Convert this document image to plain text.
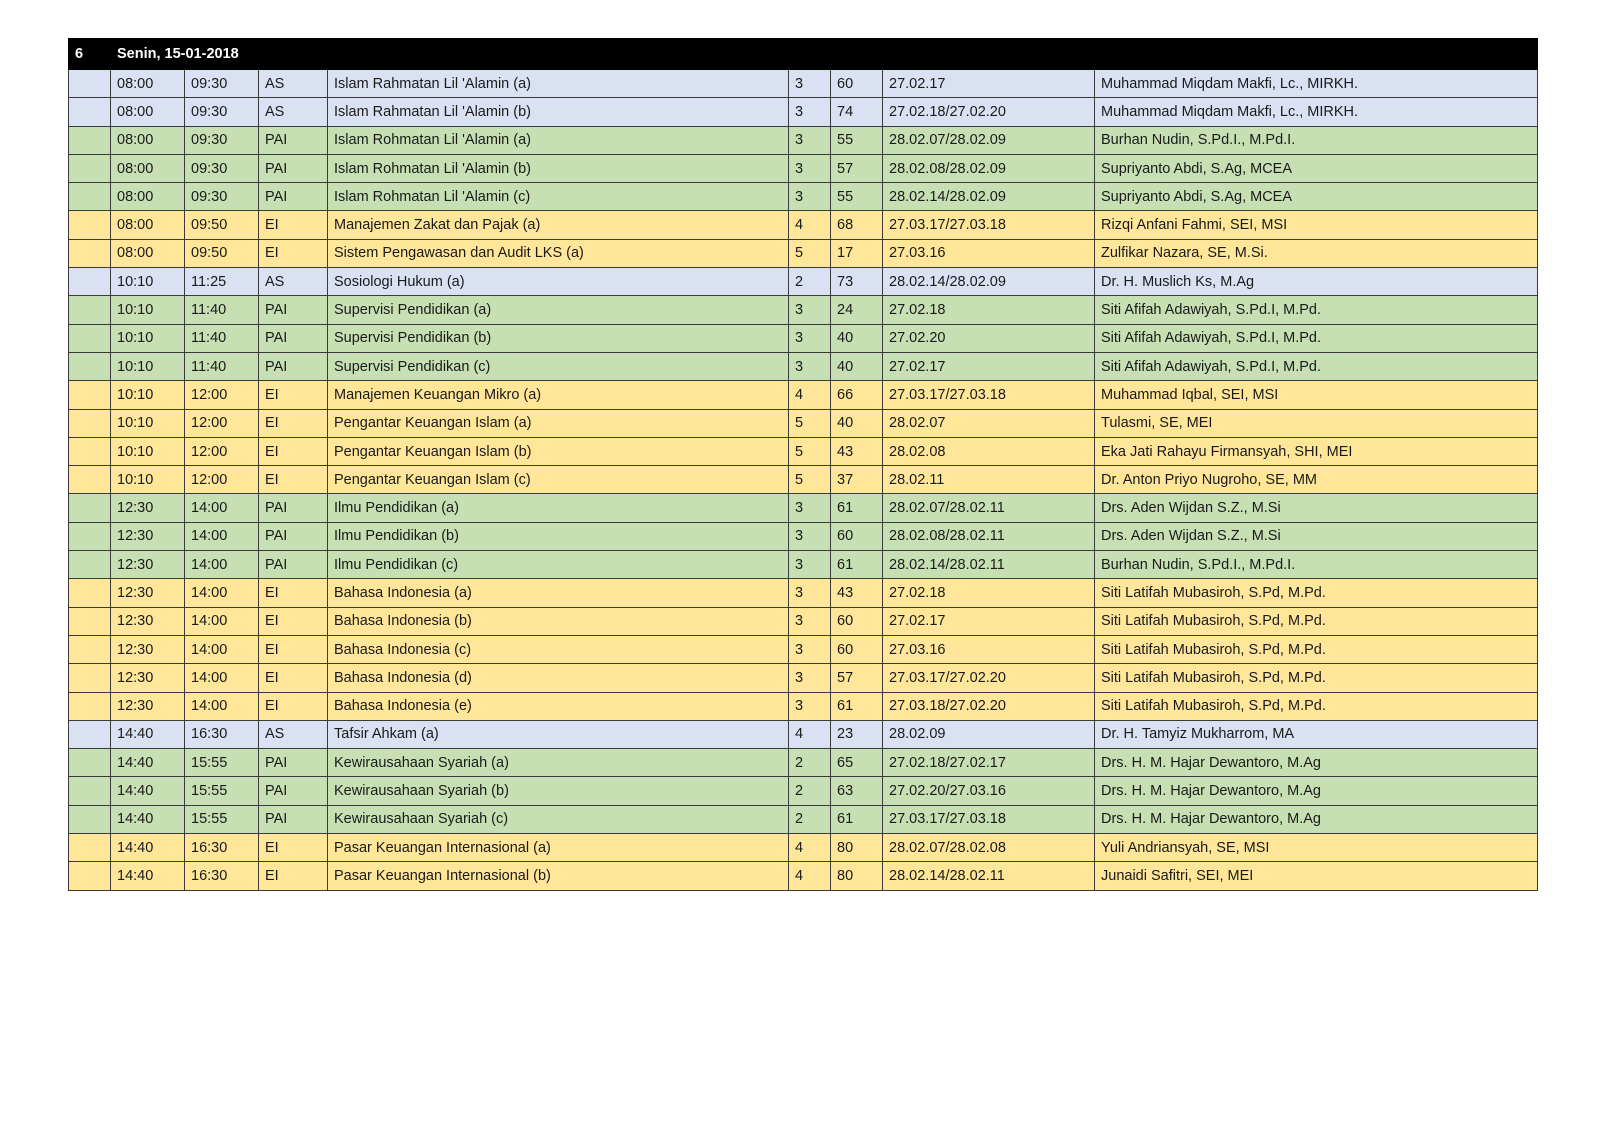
6	Senin, 15-01-2018							
	08:00	09:30	AS	Islam Rahmatan Lil 'Alamin (a)	3	60	27.02.17	Muhammad Miqdam Makfi, Lc., MIRKH.
	08:00	09:30	AS	Islam Rahmatan Lil 'Alamin (b)	3	74	27.02.18/27.02.20	Muhammad Miqdam Makfi, Lc., MIRKH.
	08:00	09:30	PAI	Islam Rohmatan Lil 'Alamin (a)	3	55	28.02.07/28.02.09	Burhan Nudin, S.Pd.I., M.Pd.I.
	08:00	09:30	PAI	Islam Rohmatan Lil 'Alamin (b)	3	57	28.02.08/28.02.09	Supriyanto Abdi, S.Ag, MCEA
	08:00	09:30	PAI	Islam Rohmatan Lil 'Alamin (c)	3	55	28.02.14/28.02.09	Supriyanto Abdi, S.Ag, MCEA
	08:00	09:50	EI	Manajemen Zakat dan Pajak (a)	4	68	27.03.17/27.03.18	Rizqi Anfani Fahmi, SEI, MSI
	08:00	09:50	EI	Sistem Pengawasan dan Audit LKS (a)	5	17	27.03.16	Zulfikar Nazara, SE, M.Si.
	10:10	11:25	AS	Sosiologi Hukum (a)	2	73	28.02.14/28.02.09	Dr. H. Muslich Ks, M.Ag
	10:10	11:40	PAI	Supervisi Pendidikan (a)	3	24	27.02.18	Siti Afifah Adawiyah, S.Pd.I, M.Pd.
	10:10	11:40	PAI	Supervisi Pendidikan (b)	3	40	27.02.20	Siti Afifah Adawiyah, S.Pd.I, M.Pd.
	10:10	11:40	PAI	Supervisi Pendidikan (c)	3	40	27.02.17	Siti Afifah Adawiyah, S.Pd.I, M.Pd.
	10:10	12:00	EI	Manajemen Keuangan Mikro (a)	4	66	27.03.17/27.03.18	Muhammad Iqbal, SEI, MSI
	10:10	12:00	EI	Pengantar Keuangan Islam (a)	5	40	28.02.07	Tulasmi, SE, MEI
	10:10	12:00	EI	Pengantar Keuangan Islam (b)	5	43	28.02.08	Eka Jati Rahayu Firmansyah, SHI, MEI
	10:10	12:00	EI	Pengantar Keuangan Islam (c)	5	37	28.02.11	Dr. Anton Priyo Nugroho, SE, MM
	12:30	14:00	PAI	Ilmu Pendidikan (a)	3	61	28.02.07/28.02.11	Drs. Aden Wijdan S.Z., M.Si
	12:30	14:00	PAI	Ilmu Pendidikan (b)	3	60	28.02.08/28.02.11	Drs. Aden Wijdan S.Z., M.Si
	12:30	14:00	PAI	Ilmu Pendidikan (c)	3	61	28.02.14/28.02.11	Burhan Nudin, S.Pd.I., M.Pd.I.
	12:30	14:00	EI	Bahasa Indonesia (a)	3	43	27.02.18	Siti Latifah Mubasiroh, S.Pd, M.Pd.
	12:30	14:00	EI	Bahasa Indonesia (b)	3	60	27.02.17	Siti Latifah Mubasiroh, S.Pd, M.Pd.
	12:30	14:00	EI	Bahasa Indonesia (c)	3	60	27.03.16	Siti Latifah Mubasiroh, S.Pd, M.Pd.
	12:30	14:00	EI	Bahasa Indonesia (d)	3	57	27.03.17/27.02.20	Siti Latifah Mubasiroh, S.Pd, M.Pd.
	12:30	14:00	EI	Bahasa Indonesia (e)	3	61	27.03.18/27.02.20	Siti Latifah Mubasiroh, S.Pd, M.Pd.
	14:40	16:30	AS	Tafsir Ahkam (a)	4	23	28.02.09	Dr. H. Tamyiz Mukharrom, MA
	14:40	15:55	PAI	Kewirausahaan Syariah (a)	2	65	27.02.18/27.02.17	Drs. H. M. Hajar Dewantoro, M.Ag
	14:40	15:55	PAI	Kewirausahaan Syariah (b)	2	63	27.02.20/27.03.16	Drs. H. M. Hajar Dewantoro, M.Ag
	14:40	15:55	PAI	Kewirausahaan Syariah (c)	2	61	27.03.17/27.03.18	Drs. H. M. Hajar Dewantoro, M.Ag
	14:40	16:30	EI	Pasar Keuangan Internasional (a)	4	80	28.02.07/28.02.08	Yuli Andriansyah, SE, MSI
	14:40	16:30	EI	Pasar Keuangan Internasional (b)	4	80	28.02.14/28.02.11	Junaidi Safitri, SEI, MEI
